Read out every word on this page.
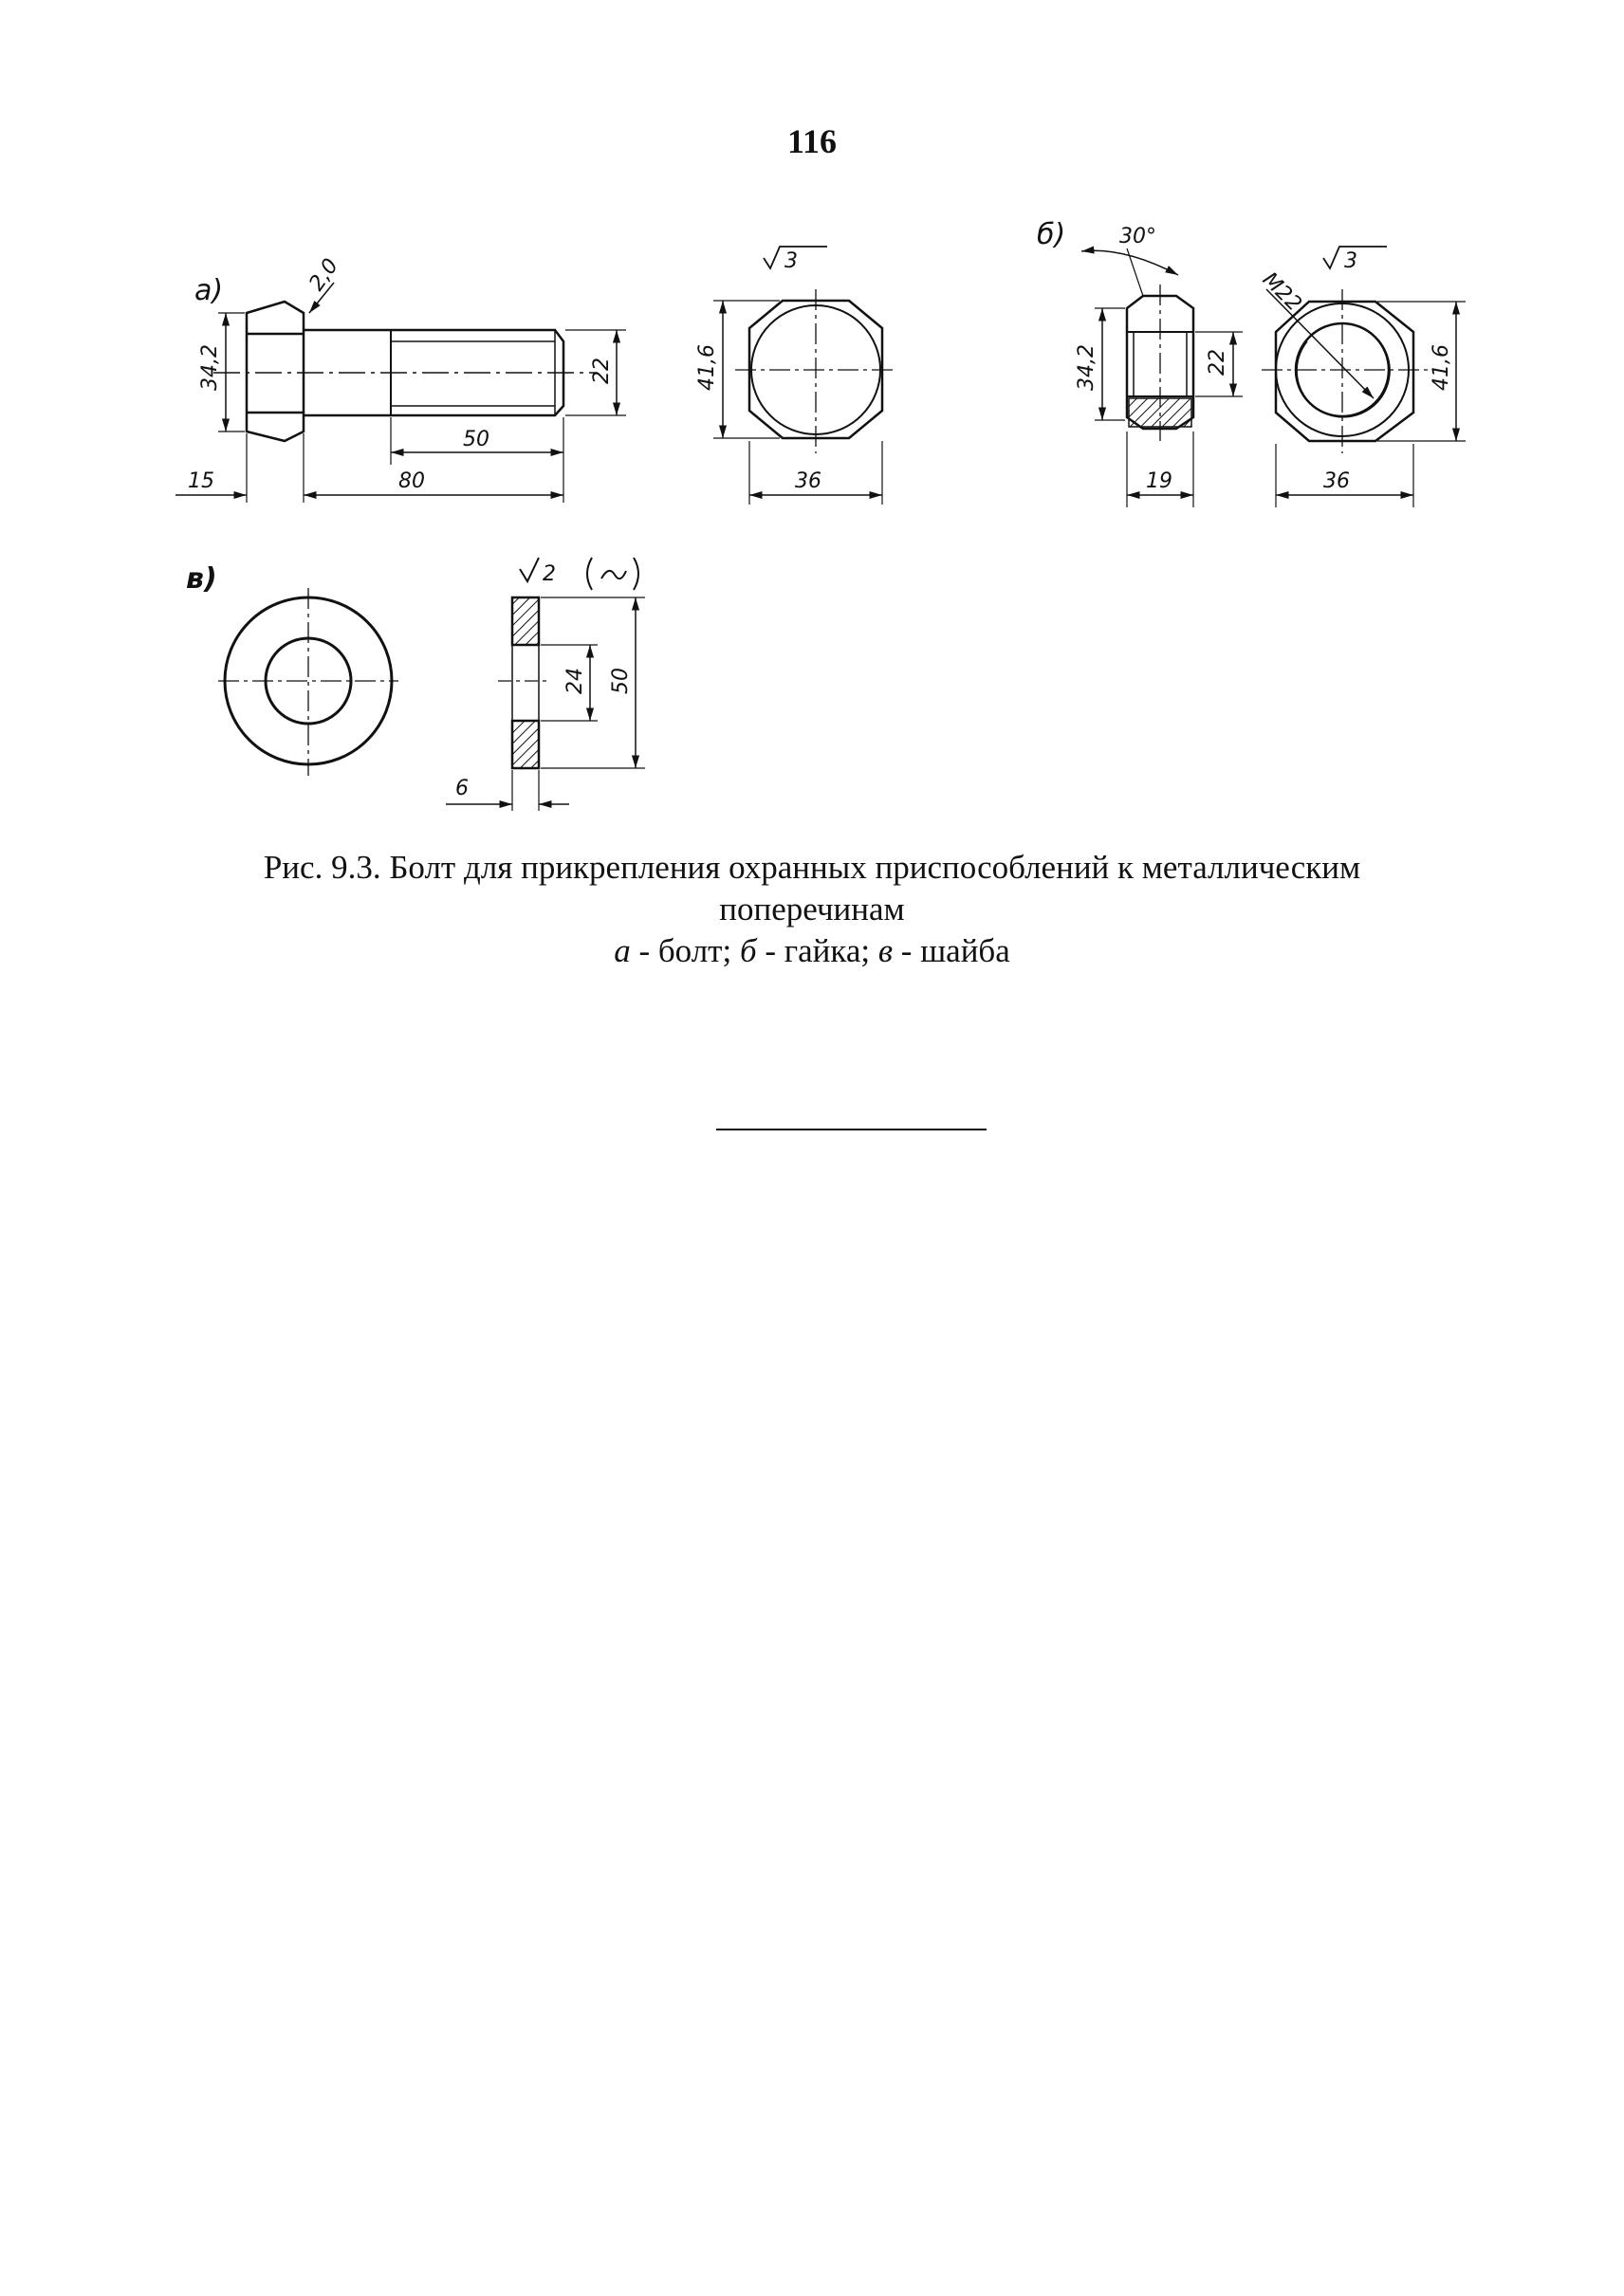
116
а)
б)
в)
2,0
34,2	22
50
15	80
41,6
36
3
30°
34,2	22
19
M22
3
41,6
36
2
24 50
6
Рис. 9.3. Болт для прикрепления охранных приспособлений к металлическим
поперечинам
а - болт; б - гайка; в - шайба
